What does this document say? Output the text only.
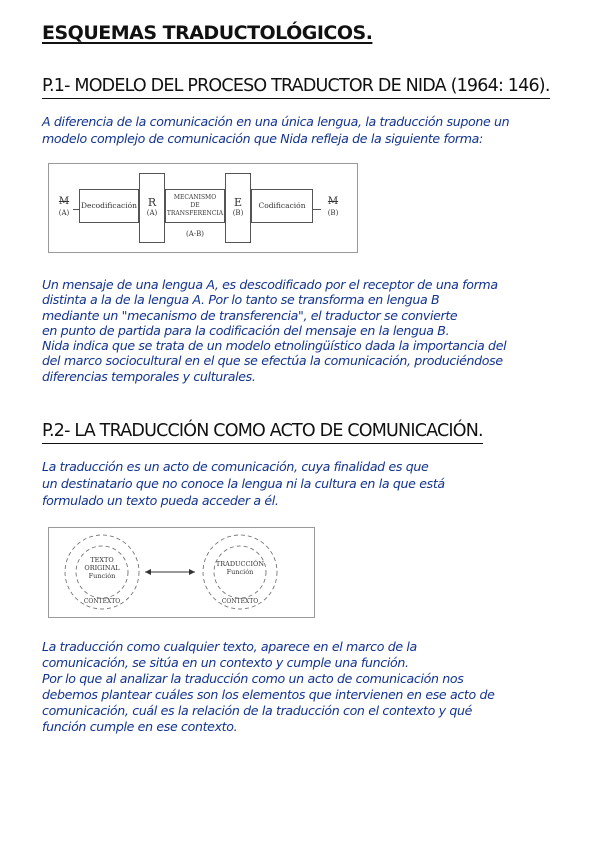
ESQUEMAS TRADUCTOLÓGICOS.
P.1- MODELO DEL PROCESO TRADUCTOR DE NIDA (1964: 146).
A diferencia de la comunicación en una única lengua, la traducción supone un
modelo complejo de comunicación que Nida refleja de la siguiente forma:
M
(A)
Decodificación R
(A)
MECANISMO
DE
TRANSFERENCIA
(A-B)
E
(B)
Codificación	M
(B)
Un mensaje de una lengua A, es descodificado por el receptor de una forma
distinta a la de la lengua A. Por lo tanto se transforma en lengua B
mediante un "mecanismo de transferencia", el traductor se convierte
en punto de partida para la codificación del mensaje en la lengua B.
Nida indica que se trata de un modelo etnolingüístico dada la importancia del
del marco sociocultural en el que se efectúa la comunicación, produciéndose
diferencias temporales y culturales.
P.2- LA TRADUCCIÓN COMO ACTO DE COMUNICACIÓN.
La traducción es un acto de comunicación, cuya finalidad es que
un destinatario que no conoce la lengua ni la cultura en la que está
formulado un texto pueda acceder a él.
TEXTO
ORIGINAL
Función
CONTEXTO
TRADUCCIÓN
Función
CONTEXTO
La traducción como cualquier texto, aparece en el marco de la
comunicación, se sitúa en un contexto y cumple una función.
Por lo que al analizar la traducción como un acto de comunicación nos
debemos plantear cuáles son los elementos que intervienen en ese acto de
comunicación, cuál es la relación de la traducción con el contexto y qué
función cumple en ese contexto.
